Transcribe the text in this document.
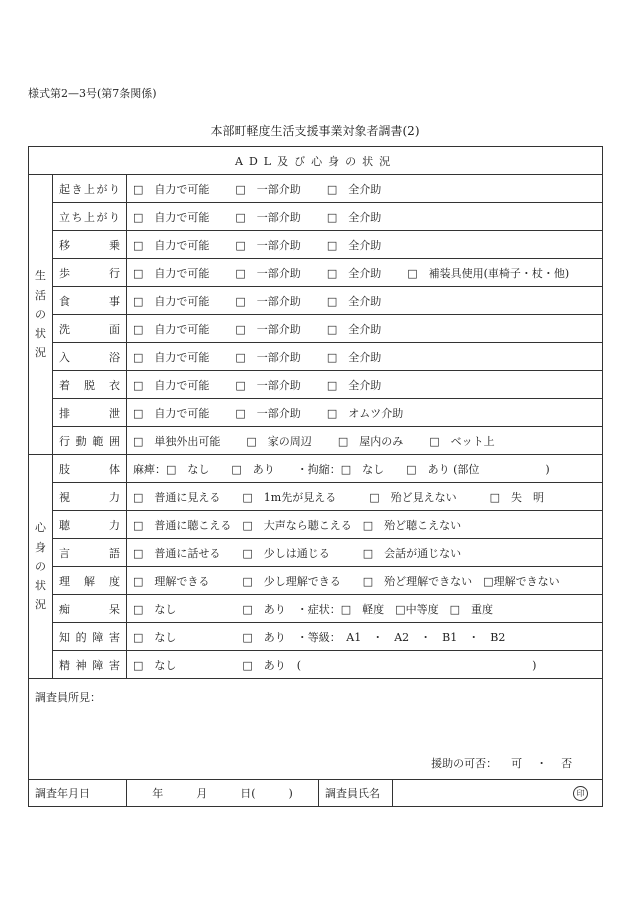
様式第2—3号(第7条関係)
本部町軽度生活支援事業対象者調書(2)
ADL及び心身の状況				
生
活
の
状
況	起き上がり	□　自力で可能 □　一部介助 □　全介助		
	立ち上がり	□　自力で可能 □　一部介助 □　全介助		
	移　　乗	□　自力で可能 □　一部介助 □　全介助		
	歩　　行	□　自力で可能 □　一部介助 □　全介助 □　補装具使用(車椅子・杖・他)		
	食　　事	□　自力で可能 □　一部介助 □　全介助		
	洗　　面	□　自力で可能 □　一部介助 □　全介助		
	入　　浴	□　自力で可能 □　一部介助 □　全介助		
	着 脱 衣	□　自力で可能 □　一部介助 □　全介助		
	排　　泄	□　自力で可能 □　一部介助 □　オムツ介助		
	行動範囲	□　単独外出可能 □　家の周辺 □　屋内のみ □　ベット上		
心
身
の
状
況	肢　　体	麻痺：□　なし　　□　あり　　・拘縮：□　なし　　□　あり (部位　　　　　　)		
	視　　力	□　普通に見える　　□　1m先が見える　　　□　殆ど見えない　　　□　失　明		
	聴　　力	□　普通に聴こえる　□　大声なら聴こえる　□　殆ど聴こえない		
	言　　語	□　普通に話せる　　□　少しは通じる　　　□　会話が通じない		
	理 解 度	□　理解できる　　　□　少し理解できる　　□　殆ど理解できない　□理解できない		
	痴　　呆	□　なし　　　　　　□　あり　・症状：□　軽度　□中等度　□　重度		
	知的障害	□　なし　　　　　　□　あり　・等級：　A1　・　A2　・　B1　・　B2		
	精神障害	□　なし　　　　　　□　あり　(　　　　　　　　　　　　　　　　　　　　　)		
調査員所見：
援助の可否： 可 ・ 否				

調査年月日		年　　　月　　　日(　　　)	調査員氏名	印
